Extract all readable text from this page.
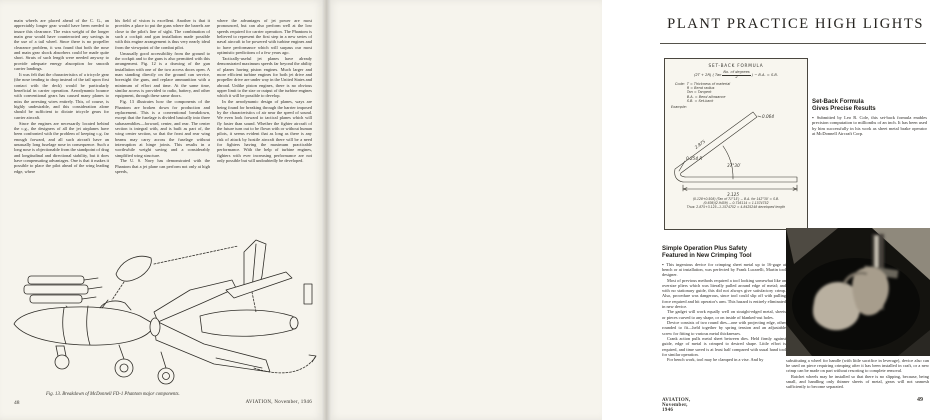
main wheels are placed ahead of the C. G., an appreciably longer gear would have been needed to insure this clearance. The extra weight of the longer main gear would have counteracted any savings in the use of a tail wheel. Since there is no propeller clearance problem, it was found that both the nose and main gear shock absorbers could be made quite short. Struts of such length were needed anyway to provide adequate energy absorption for smooth carrier landings.

It was felt that the characteristics of a tricycle gear (the nose tending to drop instead of the tail upon first contact with the deck) would be particularly beneficial in carrier operation. Aerodynamic bounce with conventional gears has caused many planes to miss the arresting wires entirely. This, of course, is highly undesirable, and this consideration alone should be sufficient to dictate tricycle gears for carrier aircraft.

Since the engines are necessarily located behind the c.g., the designers of all the jet airplanes have been confronted with the problem of keeping c.g. far enough forward, and all such aircraft have an unusually long fuselage nose in consequence. Such a long nose is objectionable from the standpoint of drag and longitudinal and directional stability, but it does have compensating advantages. One is that it makes it possible to place the pilot ahead of the wing leading edge, where

his field of vision is excellent. Another is that it provides a place to put the guns where the barrels are close to the pilot's line of sight. The combination of such a cockpit and gun installation made possible with this engine arrangement is thus very nearly ideal from the viewpoint of the combat pilot.

Unusually good accessibility from the ground to the cockpit and to the guns is also permitted with this arrangement. Fig. 12 is a drawing of the gun installation with one of the two access doors open. A man standing directly on the ground can service, boresight the guns, and replace ammunition with a minimum of effort and time. At the same time, similar access is provided to radio, battery, and other equipment, through these same doors.

Fig. 13 illustrates how the components of the Phantom are broken down for production and replacement. This is a conventional breakdown, except that the fuselage is divided basically into three subassemblies—forward, center, and rear. The center section is integral with, and is built as part of, the wing center section, so that the front and rear wing beams may carry across the fuselage without interruption at hinge joints. This results in a worthwhile weight saving and a considerably simplified wing structure.

The U. S. Navy has demonstrated with the Phantom that a jet plane can perform not only at high speeds,

where the advantages of jet power are most pronounced, but can also perform well at the low speeds required for carrier operation. The Phantom is believed to represent the first step in a new series of naval aircraft to be powered with turbine engines and to have performance which will surpass our most optimistic predictions of a few years ago.

Tactically-useful jet planes have already demonstrated maximum speeds far beyond the ability of planes having piston engines. Much larger and more efficient turbine engines for both jet drive and propeller drive are under way in the United States and abroad. Unlike piston engines, there is no obvious upper limit to the size or output of the turbine engines which it will be possible to develop.

In the aerodynamic design of planes, ways are being found for breaking through the barrier imposed by the characteristics of air near the speed of sound. We even look forward to tactical planes which will fly faster than sound. Whether the fighter aircraft of the future turn out to be flown with or without human pilots, it seems evident that as long as there is any risk of attack by hostile aircraft there will be a need for fighters having the maximum practicable performance. With the help of turbine engines, fighters with ever increasing performance are not only possible but will undoubtedly be developed.

Fig. 13. Breakdown of McDonnell FD-1 Phantom major components.
48	AVIATION, November, 1946
PLANT PRACTICE HIGH LIGHTS
SET-BACK FORMULA
(2T + 2R) ( Tan $\frac{\text{No. of degrees}}{2}$ ) − B.A. = S.B.
Code: T = Thickness of material
R = Bend radius
Tan = Tangent
B.A. = Bend allowance
S.B. = Set-back
Example:
2.875
0.064
37°30′
0.254 R
3.125
(0.128+0.508) (Tan of 71°15′) − B.A. for 142°30′ = S.B.
(0.636)(2.9459) − 0.716114 = 1.1574752
Thus: 2.875+3.125−1.1574752 = 4.8425248 developed length
Set-Back Formula
Gives Precise Results

▪ Submitted by Leo R. Cole, this set-back formula enables precision computation to millionths of an inch. It has been used by him successfully in his work as sheet metal brake operator at McDonnell Aircraft Corp.

Simple Operation Plus Safety
Featured in New Crimping Tool

▪ This ingenious device for crimping sheet metal up to 16-gage at bench or at installation, was perfected by Frank Lucarelli, Martin tool designer.

Most of previous methods required a tool looking somewhat like an oversize pliers which was literally pulled around edge of metal; and with no stationary guide, this did not always give satisfactory crimp. Also, procedure was dangerous, since tool could slip off with pulling force required and hit operator's arm. This hazard is entirely eliminated in new device.

The gadget will work equally well on straight-edged metal, sheets or pieces curved to any shape, or on inside of blanked-out holes.

Device consists of two round dies—one with projecting edge, other rounded to fit—held together by spring tension and an adjustable screw for fitting to various metal thicknesses.

Crank action pulls metal sheet between dies. Held firmly against guide, edge of metal is crimped to desired shape. Little effort is required, and time saved is at least half compared with usual hand tool for similar operation.

For bench work, tool may be clamped in a vise. And by	substituting a wheel for handle (with little sacrifice in leverage), device also can be used on piece requiring crimping after it has been installed in craft, or a new crimp can be made on part without resorting to complete removal.

Ratchet wheels may be installed so that there is no slipping, because, being small, and handling only thinner sheets of metal, gears will not unmesh sufficiently to become separated.

AVIATION, November, 1946
49
